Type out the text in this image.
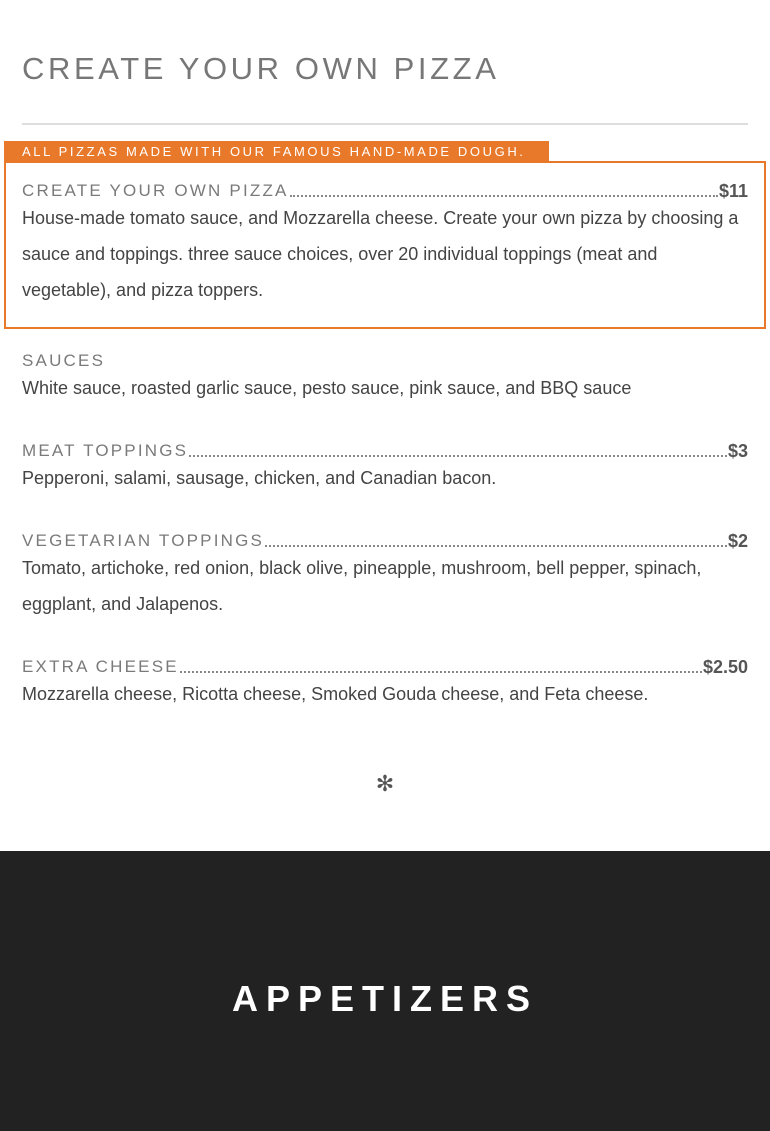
CREATE YOUR OWN PIZZA
ALL PIZZAS MADE WITH OUR FAMOUS HAND-MADE DOUGH.
CREATE YOUR OWN PIZZA	$11

House-made tomato sauce, and Mozzarella cheese. Create your own pizza by choosing a sauce and toppings. three sauce choices, over 20 individual toppings (meat and vegetable), and pizza toppers.

SAUCES

White sauce, roasted garlic sauce, pesto sauce, pink sauce, and BBQ sauce

MEAT TOPPINGS	$3

Pepperoni, salami, sausage, chicken, and Canadian bacon.

VEGETARIAN TOPPINGS	$2

Tomato, artichoke, red onion, black olive, pineapple, mushroom, bell pepper, spinach, eggplant, and Jalapenos.

EXTRA CHEESE	$2.50

Mozzarella cheese, Ricotta cheese, Smoked Gouda cheese, and Feta cheese.

✻
APPETIZERS
